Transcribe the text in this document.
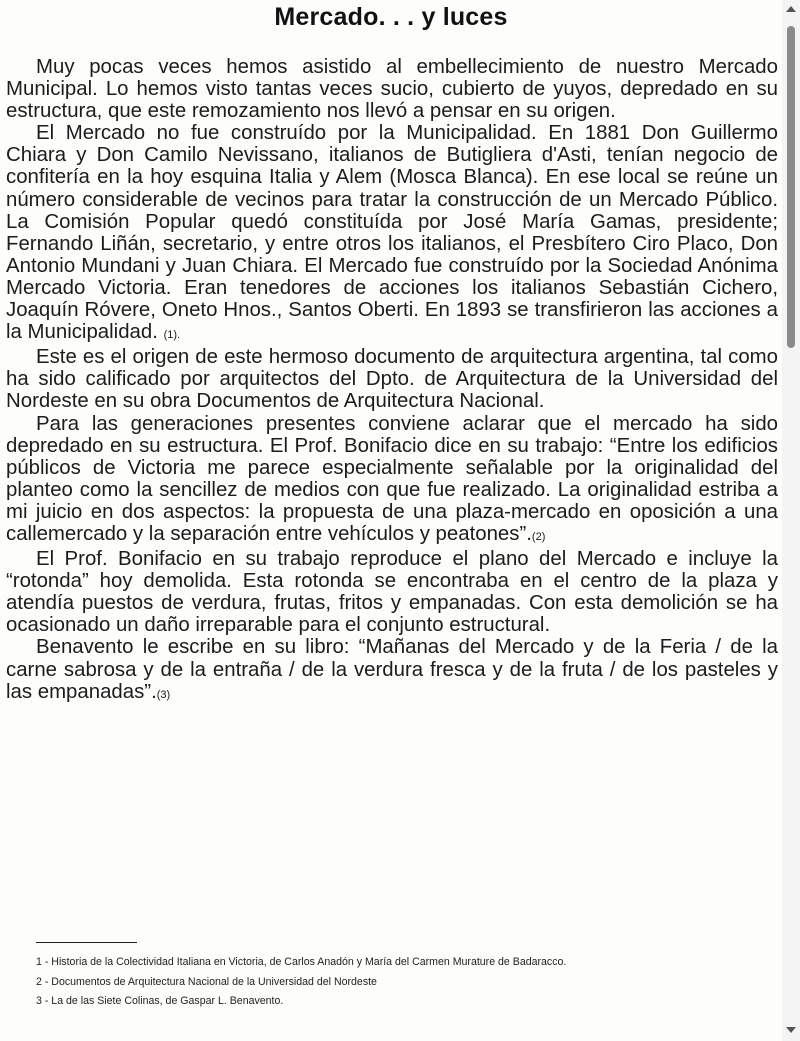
Mercado. . . y luces

Muy pocas veces hemos asistido al embellecimiento de nuestro Mercado Municipal. Lo hemos visto tantas veces sucio, cubierto de yuyos, depredado en su estructura, que este remozamiento nos llevó a pensar en su origen.

El Mercado no fue construído por la Municipalidad. En 1881 Don Guillermo Chiara y Don Camilo Nevissano, italianos de Butigliera d'Asti, tenían negocio de confitería en la hoy esquina Italia y Alem (Mosca Blanca). En ese local se reúne un número considerable de vecinos para tratar la construcción de un Mercado Público. La Comisión Popular quedó constituída por José María Gamas, presidente; Fernando Liñán, secretario, y entre otros los italianos, el Presbítero Ciro Placo, Don Antonio Mundani y Juan Chiara. El Mercado fue construído por la Sociedad Anónima Mercado Victoria. Eran tenedores de acciones los italianos Sebastián Cichero, Joaquín Róvere, Oneto Hnos., Santos Oberti. En 1893 se transfirieron las acciones a la Municipalidad. (1).

Este es el origen de este hermoso documento de arquitectura argentina, tal como ha sido calificado por arquitectos del Dpto. de Arquitectura de la Universidad del Nordeste en su obra Documentos de Arquitectura Nacional.

Para las generaciones presentes conviene aclarar que el mercado ha sido depredado en su estructura. El Prof. Bonifacio dice en su trabajo: “Entre los edificios públicos de Victoria me parece especialmente señalable por la originalidad del planteo como la sencillez de medios con que fue realizado. La originalidad estriba a mi juicio en dos aspectos: la propuesta de una plaza-mercado en oposición a una callemercado y la separación entre vehículos y peatones”.(2)

El Prof. Bonifacio en su trabajo reproduce el plano del Mercado e incluye la “rotonda” hoy demolida. Esta rotonda se encontraba en el centro de la plaza y atendía puestos de verdura, frutas, fritos y empanadas. Con esta demolición se ha ocasionado un daño irreparable para el conjunto estructural.

Benavento le escribe en su libro: “Mañanas del Mercado y de la Feria / de la carne sabrosa y de la entraña / de la verdura fresca y de la fruta / de los pasteles y las empanadas”.(3)

1 - Historia de la Colectividad Italiana en Victoria, de Carlos Anadón y María del Carmen Murature de Badaracco.

2 - Documentos de Arquitectura Nacional de la Universidad del Nordeste

3 - La de las Siete Colinas, de Gaspar L. Benavento.
